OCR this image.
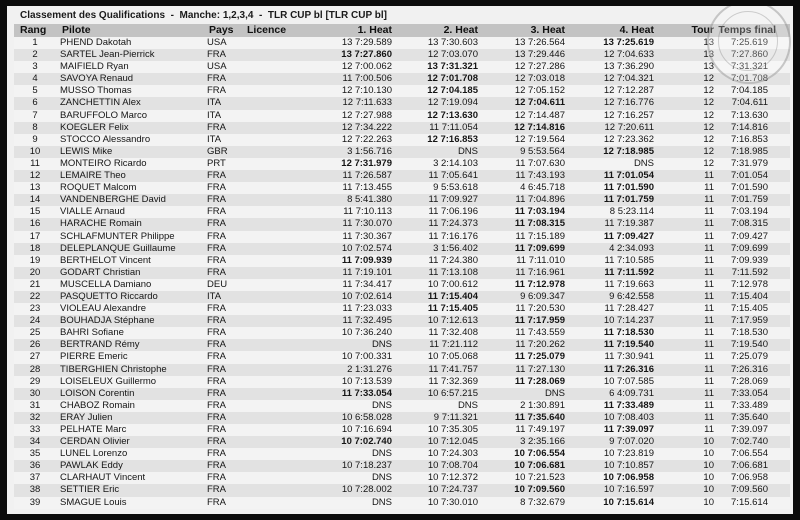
Classement des Qualifications  -  Manche: 1,2,3,4  -  TLR CUP bl [TLR CUP bl]
Rang	Pilote	Pays	Licence	1. Heat	2. Heat	3. Heat	4. Heat	Tour Temps final
1	PHEND Dakotah	USA	13 7:29.589	13 7:30.603	13 7:26.564	13 7:25.619	13	7:25.619
2	SARTEL Jean-Pierrick	FRA	13 7:27.860	12 7:03.070	13 7:29.446	12 7:04.633	13	7:27.860
3	MAIFIELD Ryan	USA	12 7:00.062	13 7:31.321	12 7:27.286	13 7:36.290	13	7:31.321
4	SAVOYA Renaud	FRA	11 7:00.506	12 7:01.708	12 7:03.018	12 7:04.321	12	7:01.708
5	MUSSO Thomas	FRA	12 7:10.130	12 7:04.185	12 7:05.152	12 7:12.287	12	7:04.185
6	ZANCHETTIN Alex	ITA	12 7:11.633	12 7:19.094	12 7:04.611	12 7:16.776	12	7:04.611
7	BARUFFOLO Marco	ITA	12 7:27.988	12 7:13.630	12 7:14.487	12 7:16.257	12	7:13.630
8	KOEGLER Felix	FRA	12 7:34.222	11 7:11.054	12 7:14.816	12 7:20.611	12	7:14.816
9	STOCCO Alessandro	ITA	12 7:22.263	12 7:16.853	12 7:19.564	12 7:23.362	12	7:16.853
10	LEWIS Mike	GBR	3 1:56.716	DNS	9 5:53.564	12 7:18.985	12	7:18.985
11	MONTEIRO Ricardo	PRT	12 7:31.979	3 2:14.103	11 7:07.630	DNS	12	7:31.979
12	LEMAIRE Theo	FRA	11 7:26.587	11 7:05.641	11 7:43.193	11 7:01.054	11	7:01.054
13	ROQUET Malcom	FRA	11 7:13.455	9 5:53.618	4 6:45.718	11 7:01.590	11	7:01.590
14	VANDENBERGHE David	FRA	8 5:41.380	11 7:09.927	11 7:04.896	11 7:01.759	11	7:01.759
15	VIALLE Arnaud	FRA	11 7:10.113	11 7:06.196	11 7:03.194	8 5:23.114	11	7:03.194
16	HARACHE Romain	FRA	11 7:30.070	11 7:24.373	11 7:08.315	11 7:19.387	11	7:08.315
17	SCHLAFMUNTER Philippe	FRA	11 7:30.367	11 7:16.176	11 7:15.189	11 7:09.427	11	7:09.427
18	DELEPLANQUE Guillaume	FRA	10 7:02.574	3 1:56.402	11 7:09.699	4 2:34.093	11	7:09.699
19	BERTHELOT Vincent	FRA	11 7:09.939	11 7:24.380	11 7:11.010	11 7:10.585	11	7:09.939
20	GODART Christian	FRA	11 7:19.101	11 7:13.108	11 7:16.961	11 7:11.592	11	7:11.592
21	MUSCELLA Damiano	DEU	11 7:34.417	10 7:00.612	11 7:12.978	11 7:19.663	11	7:12.978
22	PASQUETTO Riccardo	ITA	10 7:02.614	11 7:15.404	9 6:09.347	9 6:42.558	11	7:15.404
23	VIOLEAU Alexandre	FRA	11 7:23.033	11 7:15.405	11 7:20.530	11 7:28.427	11	7:15.405
24	BOUHADJA Stéphane	FRA	11 7:32.495	10 7:12.613	11 7:17.959	10 7:14.237	11	7:17.959
25	BAHRI Sofiane	FRA	10 7:36.240	11 7:32.408	11 7:43.559	11 7:18.530	11	7:18.530
26	BERTRAND Rémy	FRA	DNS	11 7:21.112	11 7:20.262	11 7:19.540	11	7:19.540
27	PIERRE Emeric	FRA	10 7:00.331	10 7:05.068	11 7:25.079	11 7:30.941	11	7:25.079
28	TIBERGHIEN Christophe	FRA	2 1:31.276	11 7:41.757	11 7:27.130	11 7:26.316	11	7:26.316
29	LOISELEUX Guillermo	FRA	10 7:13.539	11 7:32.369	11 7:28.069	10 7:07.585	11	7:28.069
30	LOISON Corentin	FRA	11 7:33.054	10 6:57.215	DNS	6 4:09.731	11	7:33.054
31	CHABOZ Romain	FRA	DNS	DNS	2 1:30.891	11 7:33.489	11	7:33.489
32	ERAY Julien	FRA	10 6:58.028	9 7:11.321	11 7:35.640	10 7:08.403	11	7:35.640
33	PELHATE Marc	FRA	10 7:16.694	10 7:35.305	11 7:49.197	11 7:39.097	11	7:39.097
34	CERDAN Olivier	FRA	10 7:02.740	10 7:12.045	3 2:35.166	9 7:07.020	10	7:02.740
35	LUNEL Lorenzo	FRA	DNS	10 7:24.303	10 7:06.554	10 7:23.819	10	7:06.554
36	PAWLAK Eddy	FRA	10 7:18.237	10 7:08.704	10 7:06.681	10 7:10.857	10	7:06.681
37	CLARHAUT Vincent	FRA	DNS	10 7:12.372	10 7:21.523	10 7:06.958	10	7:06.958
38	SETTIER Eric	FRA	10 7:28.002	10 7:24.737	10 7:09.560	10 7:16.597	10	7:09.560
39	SMAGUE Louis	FRA	DNS	10 7:30.010	8 7:32.679	10 7:15.614	10	7:15.614
